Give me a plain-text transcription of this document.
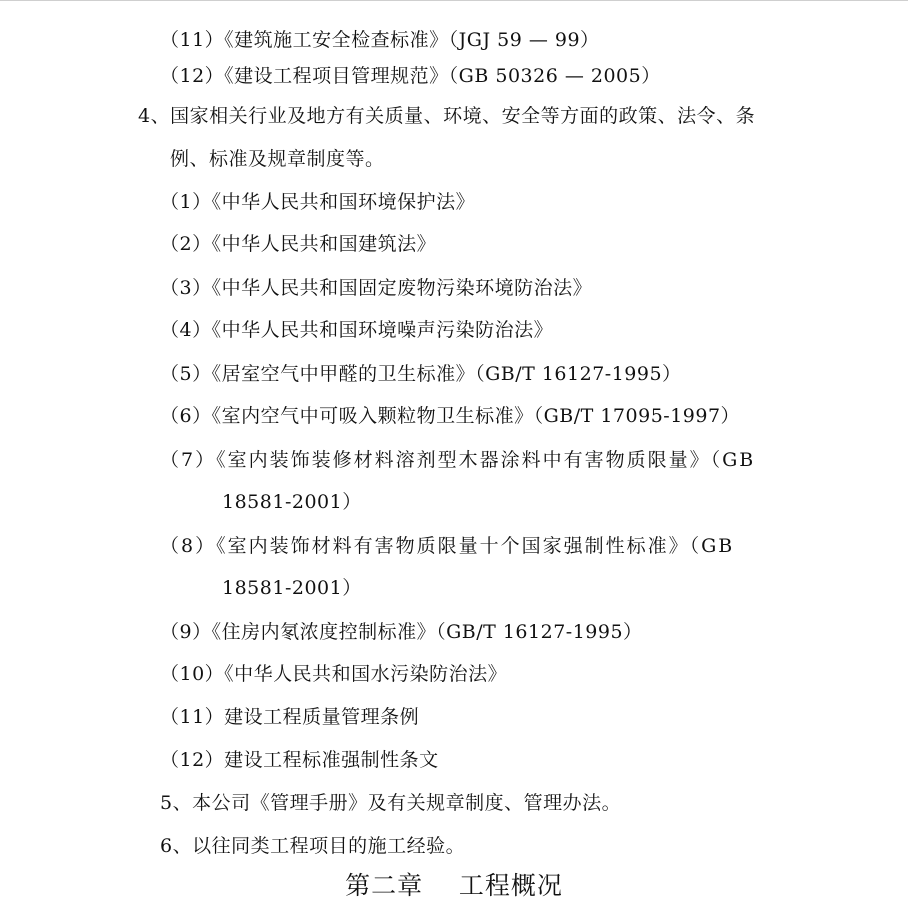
（11）《建筑施工安全检查标准》（JGJ 59 — 99）
（12）《建设工程项目管理规范》（GB 50326 — 2005）
4、国家相关行业及地方有关质量、环境、安全等方面的政策、法令、条
例、标准及规章制度等。
（1）《中华人民共和国环境保护法》
（2）《中华人民共和国建筑法》
（3）《中华人民共和国固定废物污染环境防治法》
（4）《中华人民共和国环境噪声污染防治法》
（5）《居室空气中甲醛的卫生标准》（GB/T 16127-1995）
（6）《室内空气中可吸入颗粒物卫生标准》（GB/T 17095-1997）
（7）《室内装饰装修材料溶剂型木器涂料中有害物质限量》（GB
18581-2001）
（8）《室内装饰材料有害物质限量十个国家强制性标准》（GB
18581-2001）
（9）《住房内氡浓度控制标准》（GB/T 16127-1995）
（10）《中华人民共和国水污染防治法》
（11）建设工程质量管理条例
（12）建设工程标准强制性条文
5、本公司《管理手册》及有关规章制度、管理办法。
6、以往同类工程项目的施工经验。
第二章    工程概况
